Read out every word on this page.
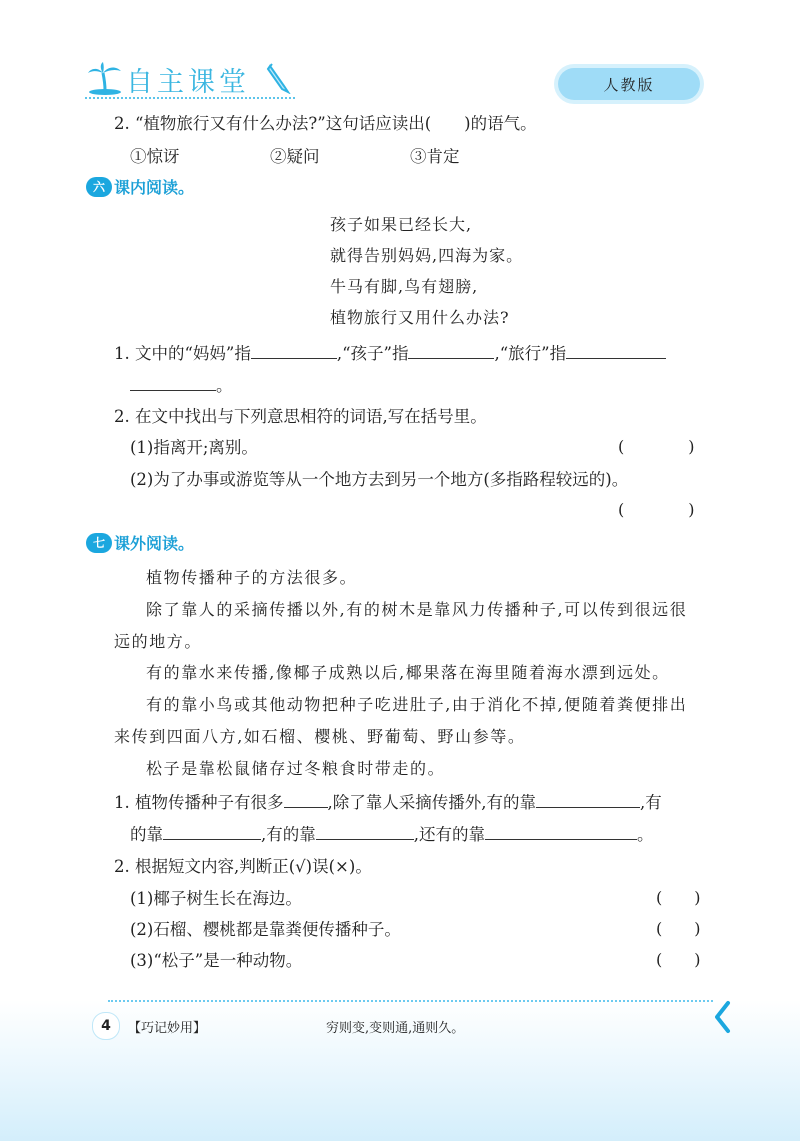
自主课堂	人教版
2. “植物旅行又有什么办法?”这句话应读出(　　)的语气。
①惊讶	②疑问	③肯定
六 课内阅读。
孩子如果已经长大,
就得告别妈妈,四海为家。
牛马有脚,鸟有翅膀,
植物旅行又用什么办法?
1. 文中的“妈妈”指	,“孩子”指	,“旅行”指
。
2. 在文中找出与下列意思相符的词语,写在括号里。
(1)指离开;离别。	(　　　　)
(2)为了办事或游览等从一个地方去到另一个地方(多指路程较远的)。
(　　　　)
七 课外阅读。
植物传播种子的方法很多。
除了靠人的采摘传播以外,有的树木是靠风力传播种子,可以传到很远很
远的地方。
有的靠水来传播,像椰子成熟以后,椰果落在海里随着海水漂到远处。
有的靠小鸟或其他动物把种子吃进肚子,由于消化不掉,便随着粪便排出
来传到四面八方,如石榴、樱桃、野葡萄、野山参等。
松子是靠松鼠储存过冬粮食时带走的。
1. 植物传播种子有很多	,除了靠人采摘传播外,有的靠	,有
的靠	,有的靠	,还有的靠	。
2. 根据短文内容,判断正(√)误(×)。
(1)椰子树生长在海边。	(　　)
(2)石榴、樱桃都是靠粪便传播种子。	(　　)
(3)“松子”是一种动物。	(　　)
4	【巧记妙用】	穷则变,变则通,通则久。
